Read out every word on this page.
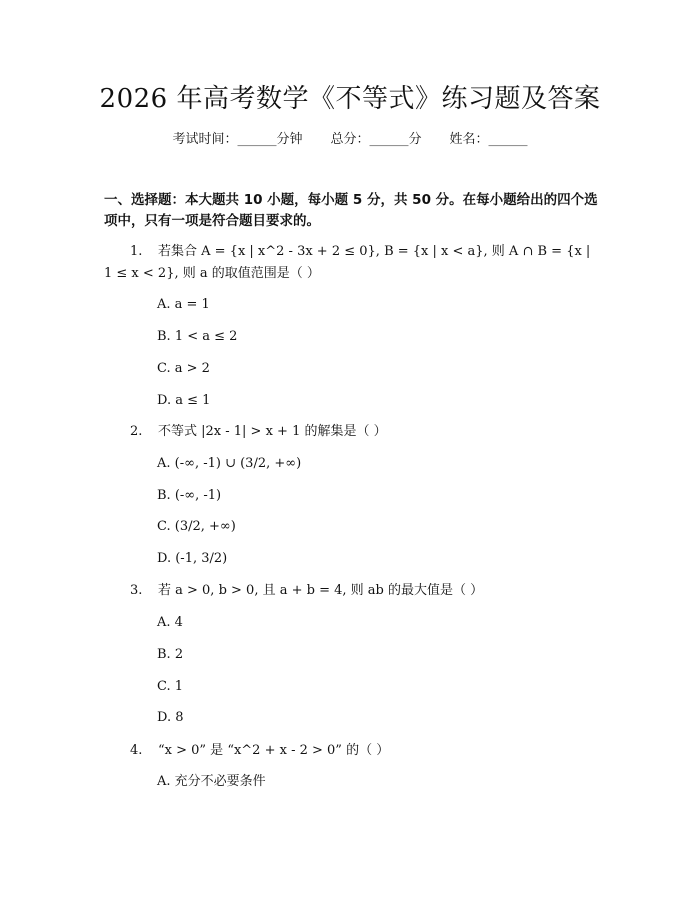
2026 年高考数学《不等式》练习题及答案
考试时间：______分钟 总分：______分 姓名：______
一、选择题：本大题共 10 小题，每小题 5 分，共 50 分。在每小题给出的四个选项中，只有一项是符合题目要求的。
1. 若集合 A = {x | x^2 - 3x + 2 ≤ 0}, B = {x | x < a}, 则 A ∩ B = {x | 1 ≤ x < 2}, 则 a 的取值范围是（ ）
A. a = 1
B. 1 < a ≤ 2
C. a > 2
D. a ≤ 1
2. 不等式 |2x - 1| > x + 1 的解集是（ ）
A. (-∞, -1) ∪ (3/2, +∞)
B. (-∞, -1)
C. (3/2, +∞)
D. (-1, 3/2)
3. 若 a > 0, b > 0, 且 a + b = 4, 则 ab 的最大值是（ ）
A. 4
B. 2
C. 1
D. 8
4. “x > 0” 是 “x^2 + x - 2 > 0” 的（ ）
A. 充分不必要条件
